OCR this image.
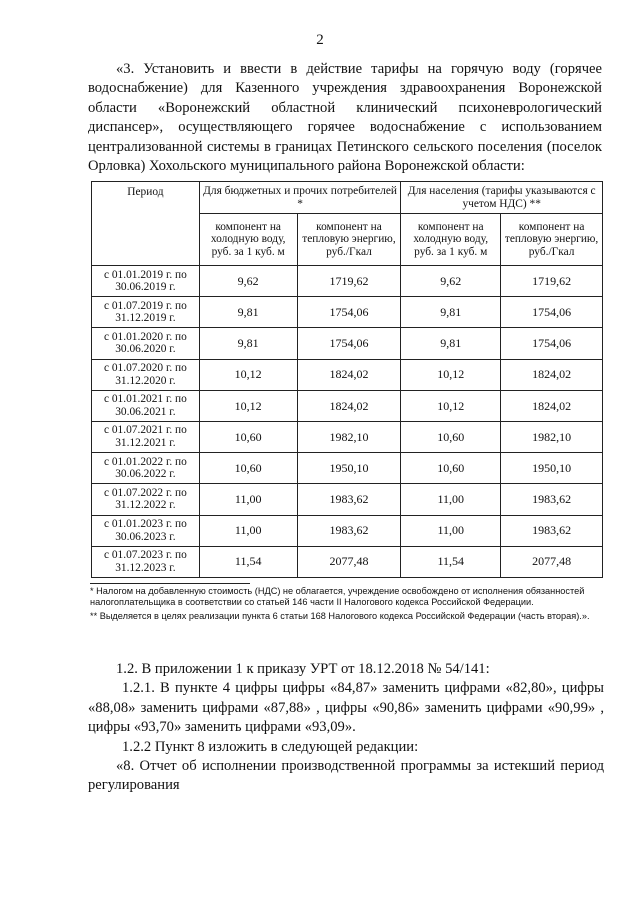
2

«3. Установить и ввести в действие тарифы на горячую воду (горячее водоснабжение) для Казенного учреждения здравоохранения Воронежской области «Воронежский областной клинический психоневрологический диспансер», осуществляющего горячее водоснабжение с использованием централизованной системы в границах Петинского сельского поселения (поселок Орловка) Хохольского муниципального района Воронежской области:

Период	Для бюджетных и прочих потребителей *		Для населения (тарифы указываются с учетом НДС) **	
	компонент на холодную воду, руб. за 1 куб. м	компонент на тепловую энергию, руб./Гкал	компонент на холодную воду, руб. за 1 куб. м	компонент на тепловую энергию, руб./Гкал
с 01.01.2019 г. по 30.06.2019 г.	9,62	1719,62	9,62	1719,62
с 01.07.2019 г. по 31.12.2019 г.	9,81	1754,06	9,81	1754,06
с 01.01.2020 г. по 30.06.2020 г.	9,81	1754,06	9,81	1754,06
с 01.07.2020 г. по 31.12.2020 г.	10,12	1824,02	10,12	1824,02
с 01.01.2021 г. по 30.06.2021 г.	10,12	1824,02	10,12	1824,02
с 01.07.2021 г. по 31.12.2021 г.	10,60	1982,10	10,60	1982,10
с 01.01.2022 г. по 30.06.2022 г.	10,60	1950,10	10,60	1950,10
с 01.07.2022 г. по 31.12.2022 г.	11,00	1983,62	11,00	1983,62
с 01.01.2023 г. по 30.06.2023 г.	11,00	1983,62	11,00	1983,62
с 01.07.2023 г. по 31.12.2023 г.	11,54	2077,48	11,54	2077,48

* Налогом на добавленную стоимость (НДС) не облагается, учреждение освобождено от исполнения обязанностей налогоплательщика в соответствии со статьей 146 части II Налогового кодекса Российской Федерации.

** Выделяется в целях реализации пункта 6 статьи 168 Налогового кодекса Российской Федерации (часть вторая).».

1.2. В приложении 1 к приказу УРТ от 18.12.2018 № 54/141:

1.2.1. В пункте 4 цифры цифры «84,87» заменить цифрами «82,80», цифры «88,08» заменить цифрами «87,88» , цифры «90,86» заменить цифрами «90,99» , цифры «93,70» заменить цифрами «93,09».

1.2.2 Пункт 8 изложить в следующей редакции:

«8. Отчет об исполнении производственной программы за истекший период регулирования
